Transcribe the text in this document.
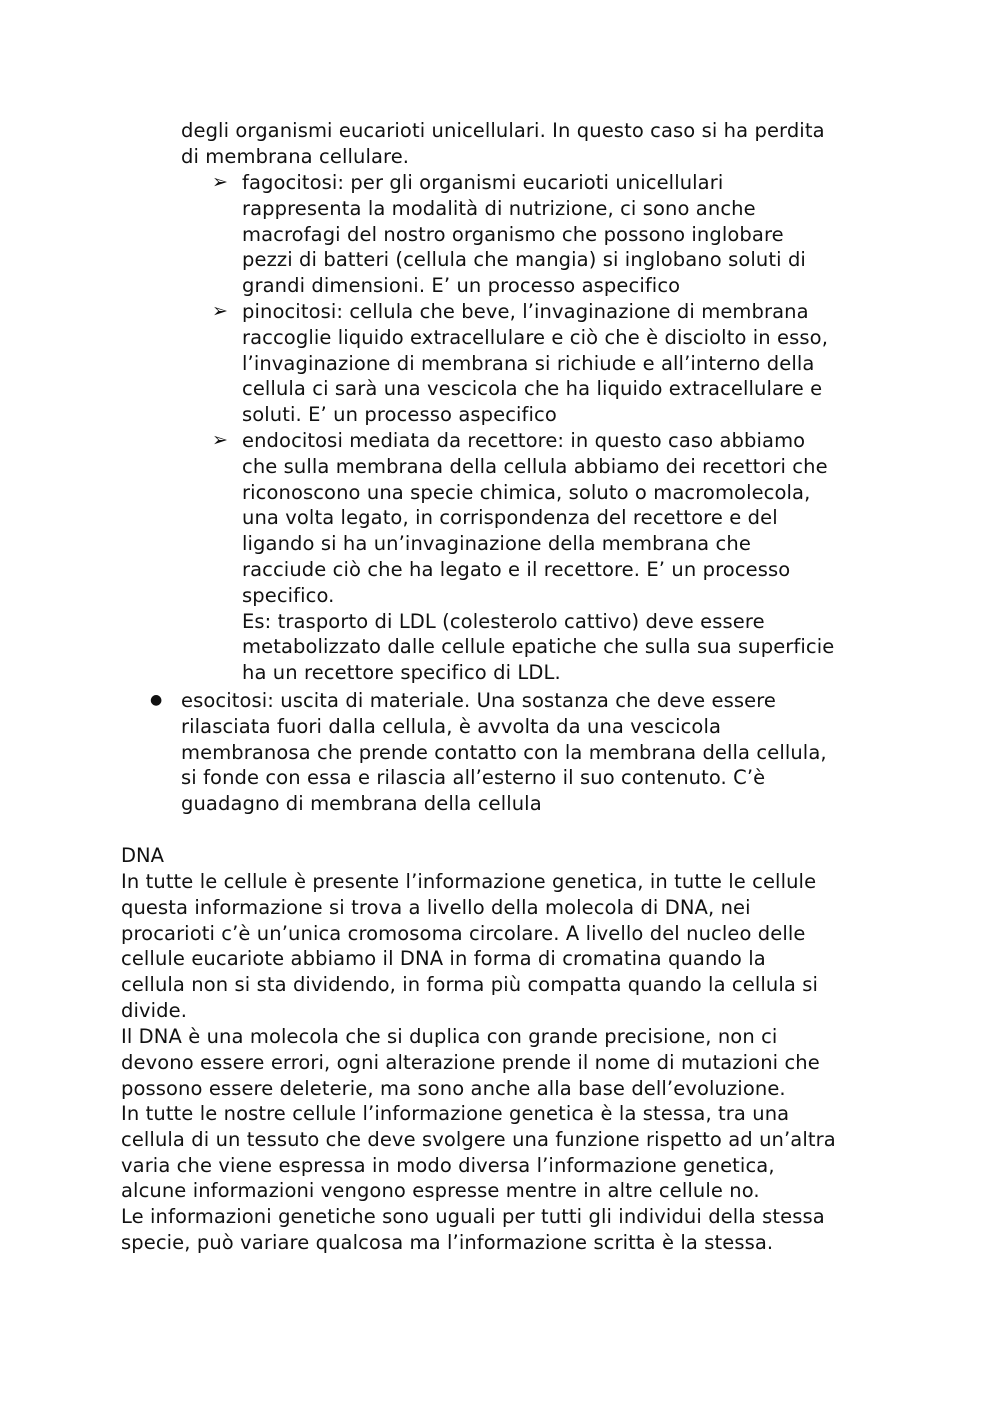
degli organismi eucarioti unicellulari. In questo caso si ha perdita
di membrana cellulare.
➢ fagocitosi: per gli organismi eucarioti unicellulari
rappresenta la modalità di nutrizione, ci sono anche
macrofagi del nostro organismo che possono inglobare
pezzi di batteri (cellula che mangia) si inglobano soluti di
grandi dimensioni. E’ un processo aspecifico
➢ pinocitosi: cellula che beve, l’invaginazione di membrana
raccoglie liquido extracellulare e ciò che è disciolto in esso,
l’invaginazione di membrana si richiude e all’interno della
cellula ci sarà una vescicola che ha liquido extracellulare e
soluti. E’ un processo aspecifico
➢ endocitosi mediata da recettore: in questo caso abbiamo
che sulla membrana della cellula abbiamo dei recettori che
riconoscono una specie chimica, soluto o macromolecola,
una volta legato, in corrispondenza del recettore e del
ligando si ha un’invaginazione della membrana che
racciude ciò che ha legato e il recettore. E’ un processo
specifico.
Es: trasporto di LDL (colesterolo cattivo) deve essere
metabolizzato dalle cellule epatiche che sulla sua superficie
ha un recettore specifico di LDL.
● esocitosi: uscita di materiale. Una sostanza che deve essere
rilasciata fuori dalla cellula, è avvolta da una vescicola
membranosa che prende contatto con la membrana della cellula,
si fonde con essa e rilascia all’esterno il suo contenuto. C’è
guadagno di membrana della cellula
DNA
In tutte le cellule è presente l’informazione genetica, in tutte le cellule
questa informazione si trova a livello della molecola di DNA, nei
procarioti c’è un’unica cromosoma circolare. A livello del nucleo delle
cellule eucariote abbiamo il DNA in forma di cromatina quando la
cellula non si sta dividendo, in forma più compatta quando la cellula si
divide.
Il DNA è una molecola che si duplica con grande precisione, non ci
devono essere errori, ogni alterazione prende il nome di mutazioni che
possono essere deleterie, ma sono anche alla base dell’evoluzione.
In tutte le nostre cellule l’informazione genetica è la stessa, tra una
cellula di un tessuto che deve svolgere una funzione rispetto ad un’altra
varia che viene espressa in modo diversa l’informazione genetica,
alcune informazioni vengono espresse mentre in altre cellule no.
Le informazioni genetiche sono uguali per tutti gli individui della stessa
specie, può variare qualcosa ma l’informazione scritta è la stessa.
